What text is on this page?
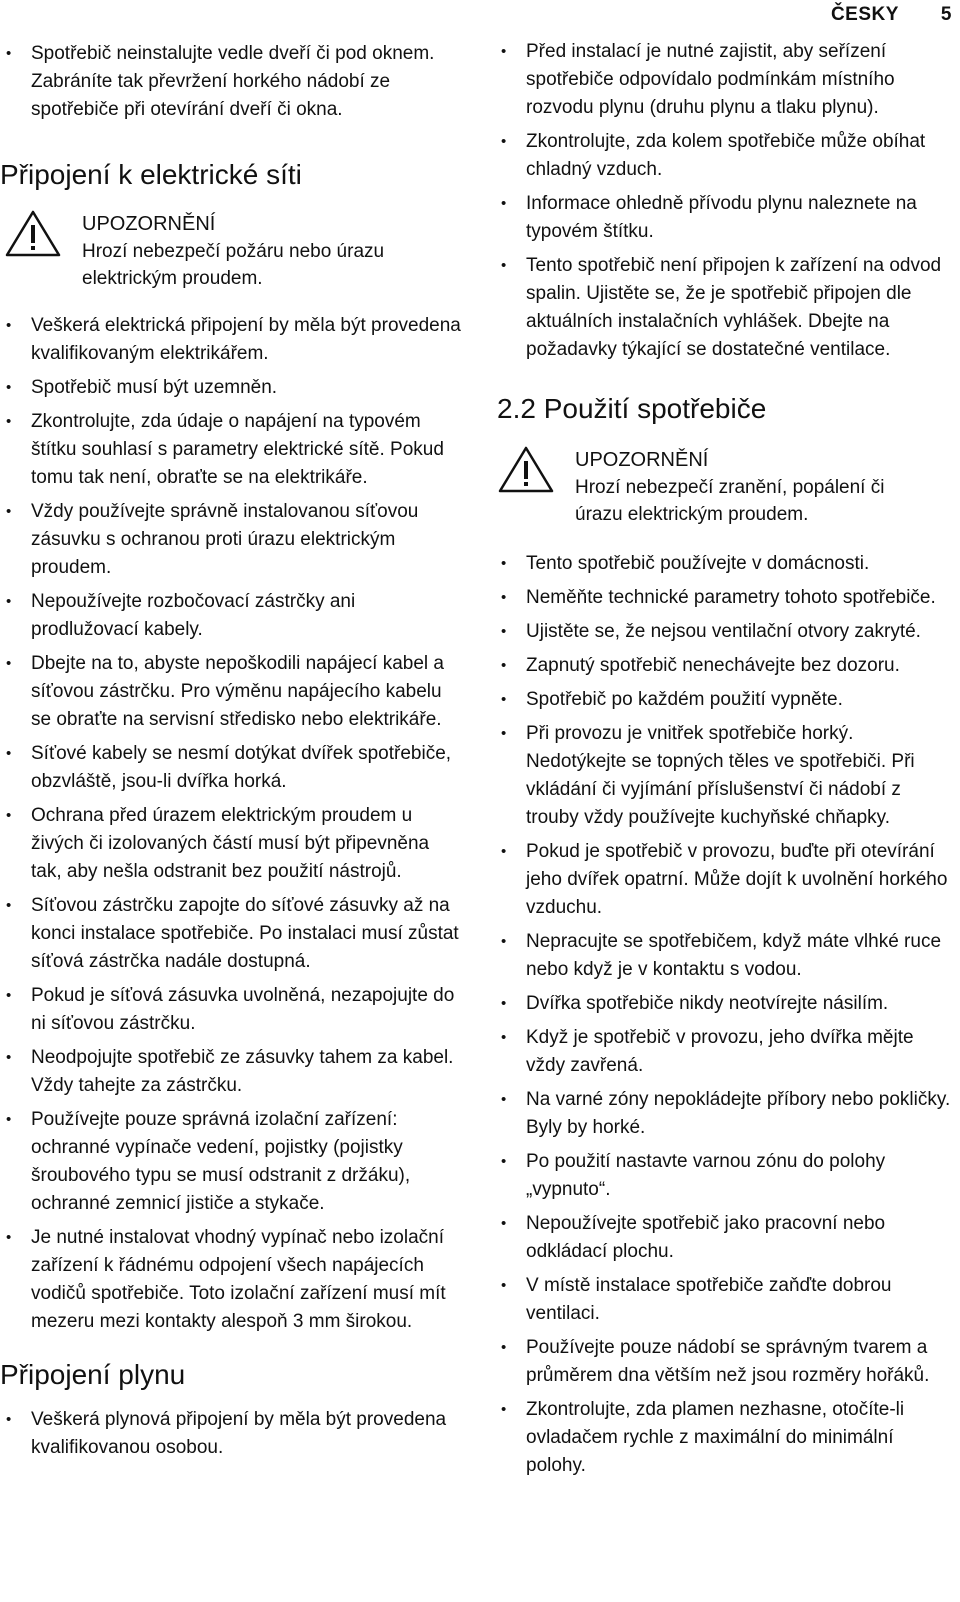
ČESKY 5
• Spotřebič neinstalujte vedle dveří či pod oknem. Zabráníte tak převržení horkého nádobí ze spotřebiče při otevírání dveří či okna.
Připojení k elektrické síti
UPOZORNĚNÍ
Hrozí nebezpečí požáru nebo úrazu elektrickým proudem.
• Veškerá elektrická připojení by měla být provedena kvalifikovaným elektrikářem.
• Spotřebič musí být uzemněn.
• Zkontrolujte, zda údaje o napájení na typovém štítku souhlasí s parametry elektrické sítě. Pokud tomu tak není, obraťte se na elektrikáře.
• Vždy používejte správně instalovanou síťovou zásuvku s ochranou proti úrazu elektrickým proudem.
• Nepoužívejte rozbočovací zástrčky ani prodlužovací kabely.
• Dbejte na to, abyste nepoškodili napájecí kabel a síťovou zástrčku. Pro výměnu napájecího kabelu se obraťte na servisní středisko nebo elektrikáře.
• Síťové kabely se nesmí dotýkat dvířek spotřebiče, obzvláště, jsou-li dvířka horká.
• Ochrana před úrazem elektrickým proudem u živých či izolovaných částí musí být připevněna tak, aby nešla odstranit bez použití nástrojů.
• Síťovou zástrčku zapojte do síťové zásuvky až na konci instalace spotřebiče. Po instalaci musí zůstat síťová zástrčka nadále dostupná.
• Pokud je síťová zásuvka uvolněná, nezapojujte do ni síťovou zástrčku.
• Neodpojujte spotřebič ze zásuvky tahem za kabel. Vždy tahejte za zástrčku.
• Používejte pouze správná izolační zařízení: ochranné vypínače vedení, pojistky (pojistky šroubového typu se musí odstranit z držáku), ochranné zemnicí jističe a stykače.
• Je nutné instalovat vhodný vypínač nebo izolační zařízení k řádnému odpojení všech napájecích vodičů spotřebiče. Toto izolační zařízení musí mít mezeru mezi kontakty alespoň 3 mm širokou.
Připojení plynu
• Veškerá plynová připojení by měla být provedena kvalifikovanou osobou.
• Před instalací je nutné zajistit, aby seřízení spotřebiče odpovídalo podmínkám místního rozvodu plynu (druhu plynu a tlaku plynu).
• Zkontrolujte, zda kolem spotřebiče může obíhat chladný vzduch.
• Informace ohledně přívodu plynu naleznete na typovém štítku.
• Tento spotřebič není připojen k zařízení na odvod spalin. Ujistěte se, že je spotřebič připojen dle aktuálních instalačních vyhlášek. Dbejte na požadavky týkající se dostatečné ventilace.
2.2 Použití spotřebiče
UPOZORNĚNÍ
Hrozí nebezpečí zranění, popálení či úrazu elektrickým proudem.
• Tento spotřebič používejte v domácnosti.
• Neměňte technické parametry tohoto spotřebiče.
• Ujistěte se, že nejsou ventilační otvory zakryté.
• Zapnutý spotřebič nenechávejte bez dozoru.
• Spotřebič po každém použití vypněte.
• Při provozu je vnitřek spotřebiče horký. Nedotýkejte se topných těles ve spotřebiči. Při vkládání či vyjímání příslušenství či nádobí z trouby vždy používejte kuchyňské chňapky.
• Pokud je spotřebič v provozu, buďte při otevírání jeho dvířek opatrní. Může dojít k uvolnění horkého vzduchu.
• Nepracujte se spotřebičem, když máte vlhké ruce nebo když je v kontaktu s vodou.
• Dvířka spotřebiče nikdy neotvírejte násilím.
• Když je spotřebič v provozu, jeho dvířka mějte vždy zavřená.
• Na varné zóny nepokládejte příbory nebo pokličky. Byly by horké.
• Po použití nastavte varnou zónu do polohy „vypnuto“.
• Nepoužívejte spotřebič jako pracovní nebo odkládací plochu.
• V místě instalace spotřebiče zaňďte dobrou ventilaci.
• Používejte pouze nádobí se správným tvarem a průměrem dna větším než jsou rozměry hořáků.
• Zkontrolujte, zda plamen nezhasne, otočíte-li ovladačem rychle z maximální do minimální polohy.
